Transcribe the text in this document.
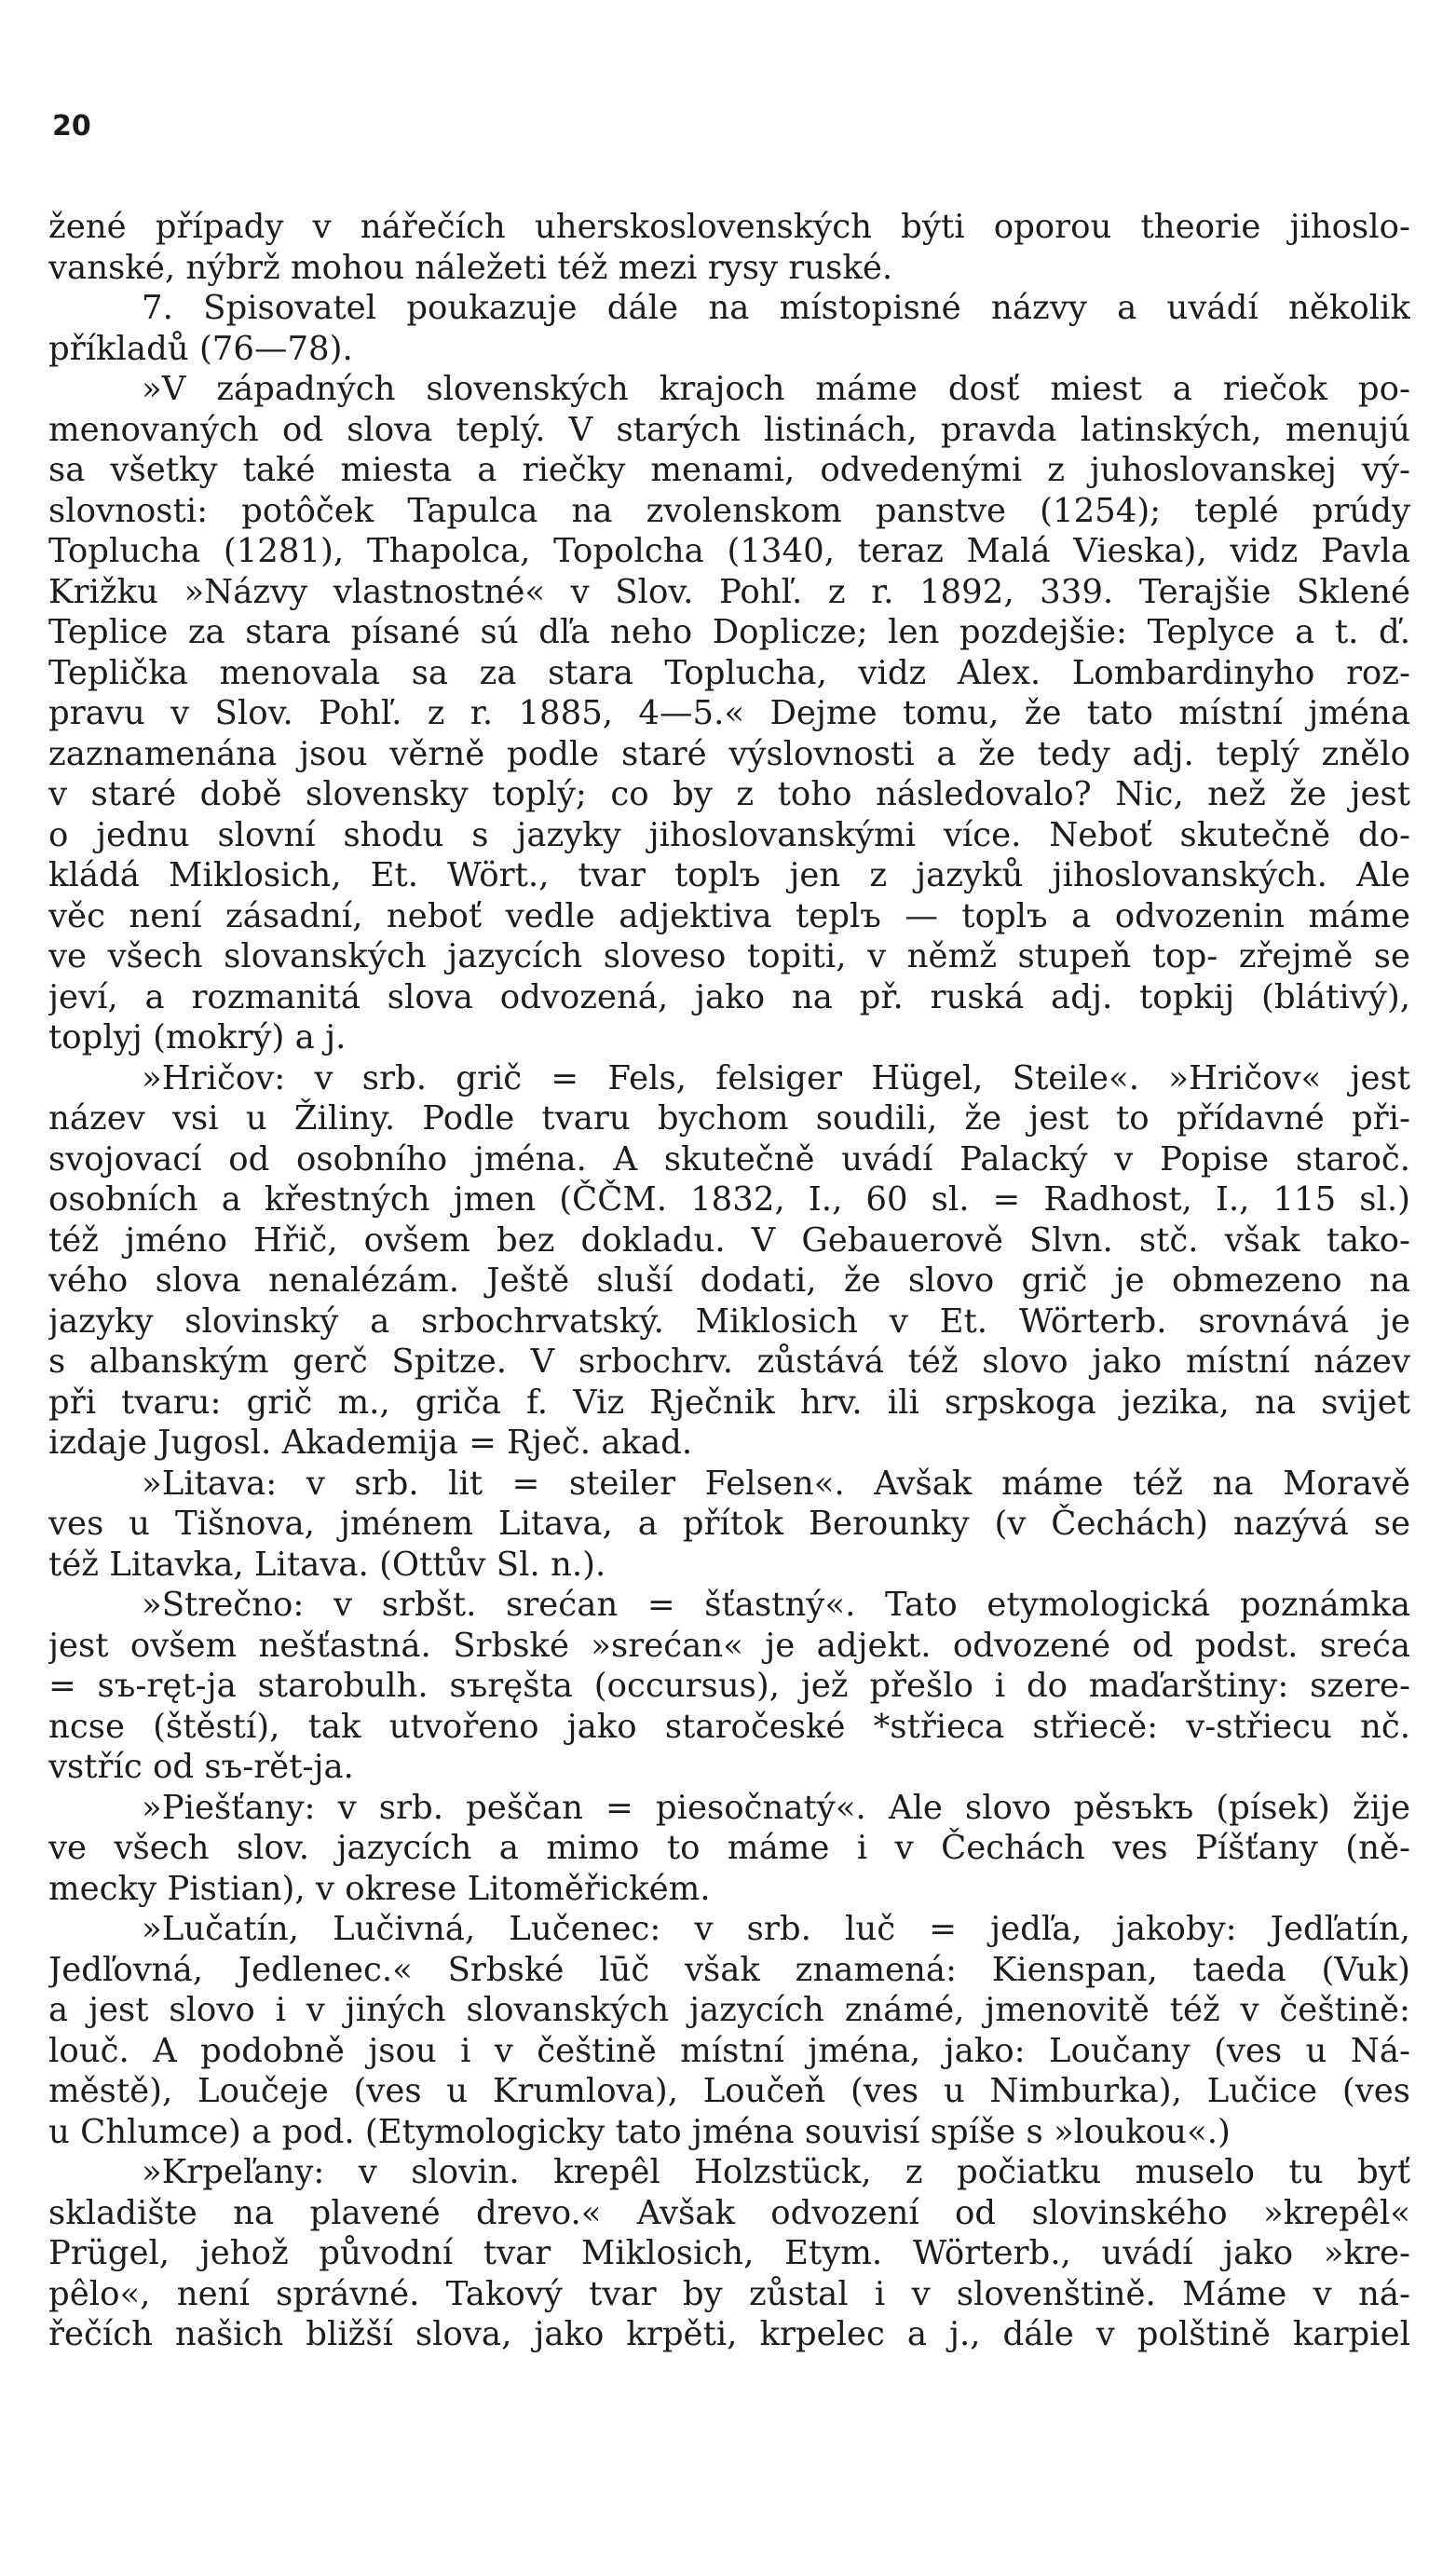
20
žené případy v nářečích uherskoslovenských býti oporou theorie jihoslo-
vanské, nýbrž mohou náležeti též mezi rysy ruské.
7. Spisovatel poukazuje dále na místopisné názvy a uvádí několik
příkladů (76—78).
»V západných slovenských krajoch máme dosť miest a riečok po-
menovaných od slova teplý. V starých listinách, pravda latinských, menujú
sa všetky také miesta a riečky menami, odvedenými z juhoslovanskej vý-
slovnosti: potôček Tapulca na zvolenskom panstve (1254); teplé prúdy
Toplucha (1281), Thapolca, Topolcha (1340, teraz Malá Vieska), vidz Pavla
Križku »Názvy vlastnostné« v Slov. Pohľ. z r. 1892, 339. Terajšie Sklené
Teplice za stara písané sú dľa neho Doplicze; len pozdejšie: Teplyce a t. ď.
Teplička menovala sa za stara Toplucha, vidz Alex. Lombardinyho roz-
pravu v Slov. Pohľ. z r. 1885, 4—5.« Dejme tomu, že tato místní jména
zaznamenána jsou věrně podle staré výslovnosti a že tedy adj. teplý znělo
v staré době slovensky toplý; co by z toho následovalo? Nic, než že jest
o jednu slovní shodu s jazyky jihoslovanskými více. Neboť skutečně do-
kládá Miklosich, Et. Wört., tvar toplъ jen z jazyků jihoslovanských. Ale
věc není zásadní, neboť vedle adjektiva teplъ — toplъ a odvozenin máme
ve všech slovanských jazycích sloveso topiti, v němž stupeň top- zřejmě se
jeví, a rozmanitá slova odvozená, jako na př. ruská adj. topkij (blátivý),
toplyj (mokrý) a j.
»Hričov: v srb. grič = Fels, felsiger Hügel, Steile«. »Hričov« jest
název vsi u Žiliny. Podle tvaru bychom soudili, že jest to přídavné při-
svojovací od osobního jména. A skutečně uvádí Palacký v Popise staroč.
osobních a křestných jmen (ČČM. 1832, I., 60 sl. = Radhost, I., 115 sl.)
též jméno Hřič, ovšem bez dokladu. V Gebauerově Slvn. stč. však tako-
vého slova nenalézám. Ještě sluší dodati, že slovo grič je obmezeno na
jazyky slovinský a srbochrvatský. Miklosich v Et. Wörterb. srovnává je
s albanským gerč Spitze. V srbochrv. zůstává též slovo jako místní název
při tvaru: grič m., griča f. Viz Rječnik hrv. ili srpskoga jezika, na svijet
izdaje Jugosl. Akademija = Rječ. akad.
»Litava: v srb. lit = steiler Felsen«. Avšak máme též na Moravě
ves u Tišnova, jménem Litava, a přítok Berounky (v Čechách) nazývá se
též Litavka, Litava. (Ottův Sl. n.).
»Strečno: v srbšt. srećan = šťastný«. Tato etymologická poznámka
jest ovšem nešťastná. Srbské »srećan« je adjekt. odvozené od podst. sreća
= sъ-ręt-ja starobulh. sъręšta (occursus), jež přešlo i do maďarštiny: szere-
ncse (štěstí), tak utvořeno jako staročeské *střieca střiecě: v-střiecu nč.
vstříc od sъ-rět-ja.
»Piešťany: v srb. peščan = piesočnatý«. Ale slovo pěsъkъ (písek) žije
ve všech slov. jazycích a mimo to máme i v Čechách ves Píšťany (ně-
mecky Pistian), v okrese Litoměřickém.
»Lučatín, Lučivná, Lučenec: v srb. luč = jedľa, jakoby: Jedľatín,
Jedľovná, Jedlenec.« Srbské lūč však znamená: Kienspan, taeda (Vuk)
a jest slovo i v jiných slovanských jazycích známé, jmenovitě též v češtině:
louč. A podobně jsou i v češtině místní jména, jako: Loučany (ves u Ná-
městě), Loučeje (ves u Krumlova), Loučeň (ves u Nimburka), Lučice (ves
u Chlumce) a pod. (Etymologicky tato jména souvisí spíše s »loukou«.)
»Krpeľany: v slovin. krepêl Holzstück, z počiatku muselo tu byť
skladište na plavené drevo.« Avšak odvození od slovinského »krepêl«
Prügel, jehož původní tvar Miklosich, Etym. Wörterb., uvádí jako »kre-
pêlo«, není správné. Takový tvar by zůstal i v slovenštině. Máme v ná-
řečích našich bližší slova, jako krpěti, krpelec a j., dále v polštině karpiel
